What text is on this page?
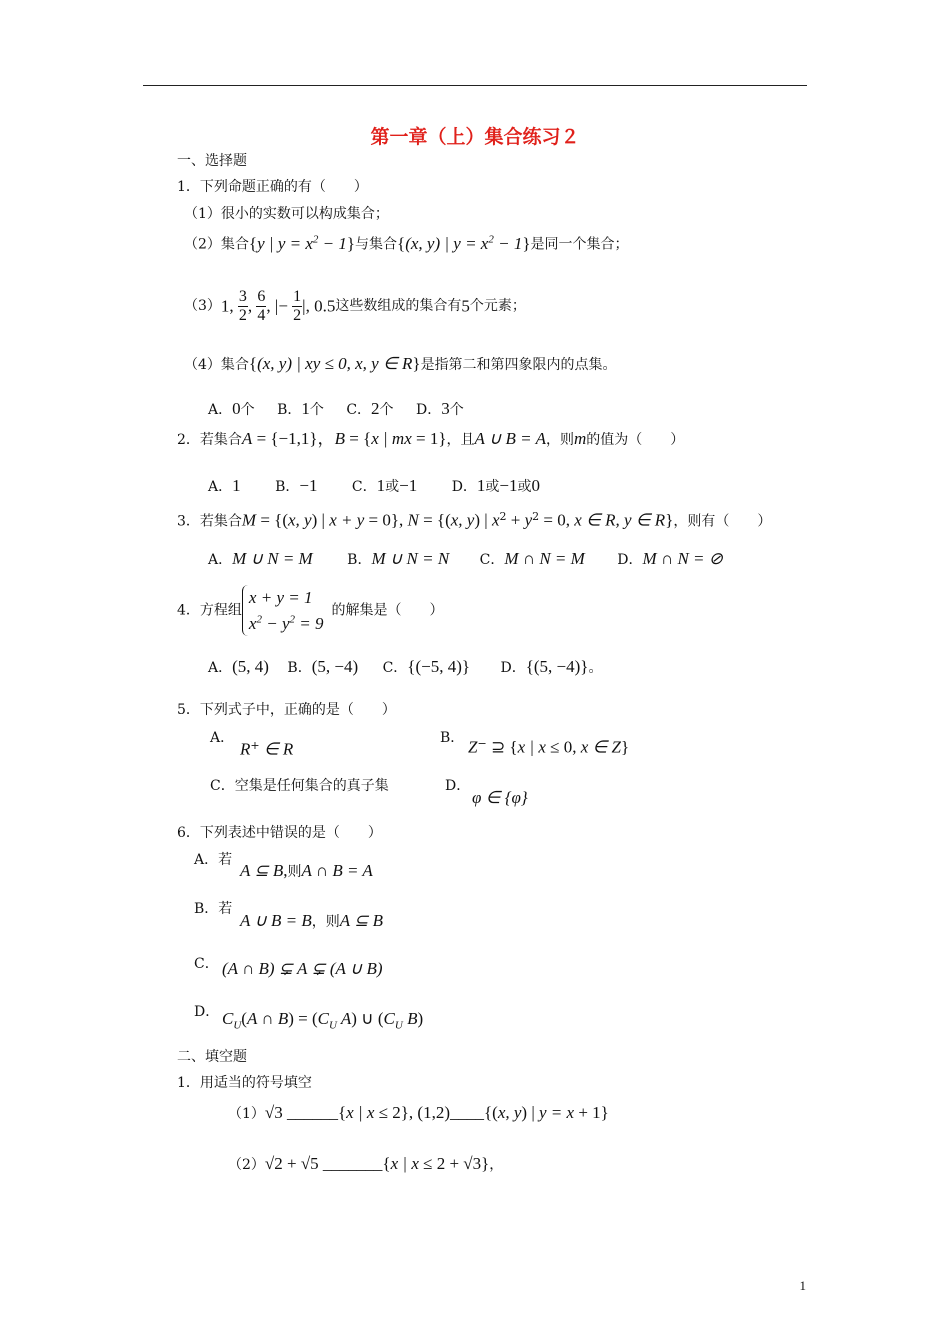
第一章（上）集合练习２
一、选择题
1．下列命题正确的有（　　）
（1）很小的实数可以构成集合；
（2）集合{y | $y = x^2 - 1$}与集合{(x, y) | $y = x^2 - 1$}是同一个集合；
（3）1, $\frac{3}{2}$ , $\frac{6}{4}$ , |− $\frac{1}{2}$ |, 0.5这些数组成的集合有5个元素；
（4）集合{(x, y) | xy ≤ 0, x, y ∈ R}是指第二和第四象限内的点集。
A．0个 B．1个 C．2个 D．3个
2．若集合A = {−1,1}，B = {x | mx = 1}，且A ∪ B = A，则m的值为（　　）
A．1 B．−1 C．1或−1 D．1或−1或0
3．若集合M = {(x, y) | x + y = 0}, N = {(x, y) | $x^2 + y^2 = 0$, x ∈ R, y ∈ R}，则有（　　）
A．M ∪ N = M B．M ∪ N = N C．M ∩ N = M D．M ∩ N = ⊘
4．方程组
x + y = 1
$x^2 - y^2 = 9$
的解集是（　　）
A．(5, 4) B．(5, −4) C．{(−5, 4)} D．{(5, −4)}。
5．下列式子中，正确的是（　　）
A．
R+ ∈ R
B． Z− ⊇ {x | x ≤ 0, x ∈ Z}
C．空集是任何集合的真子集	D．
φ ∈ {φ}
6．下列表述中错误的是（　　）
A．若
A ⊆ B,则A ∩ B = A
B．若
A ∪ B = B，则A ⊆ B
C． (A ∩ B) ⊊ A ⊊ (A ∪ B)
D． $C_U(A$ ∩ $B) = (C_U$ A) ∪ ($C_U$ B)
二、填空题
1．用适当的符号填空
（1）√3 ______{x | x ≤ 2}, (1,2)____{(x, y) | y = x + 1}
（2）√2 + √5 _______{x | x ≤ 2 + √3}，
1
